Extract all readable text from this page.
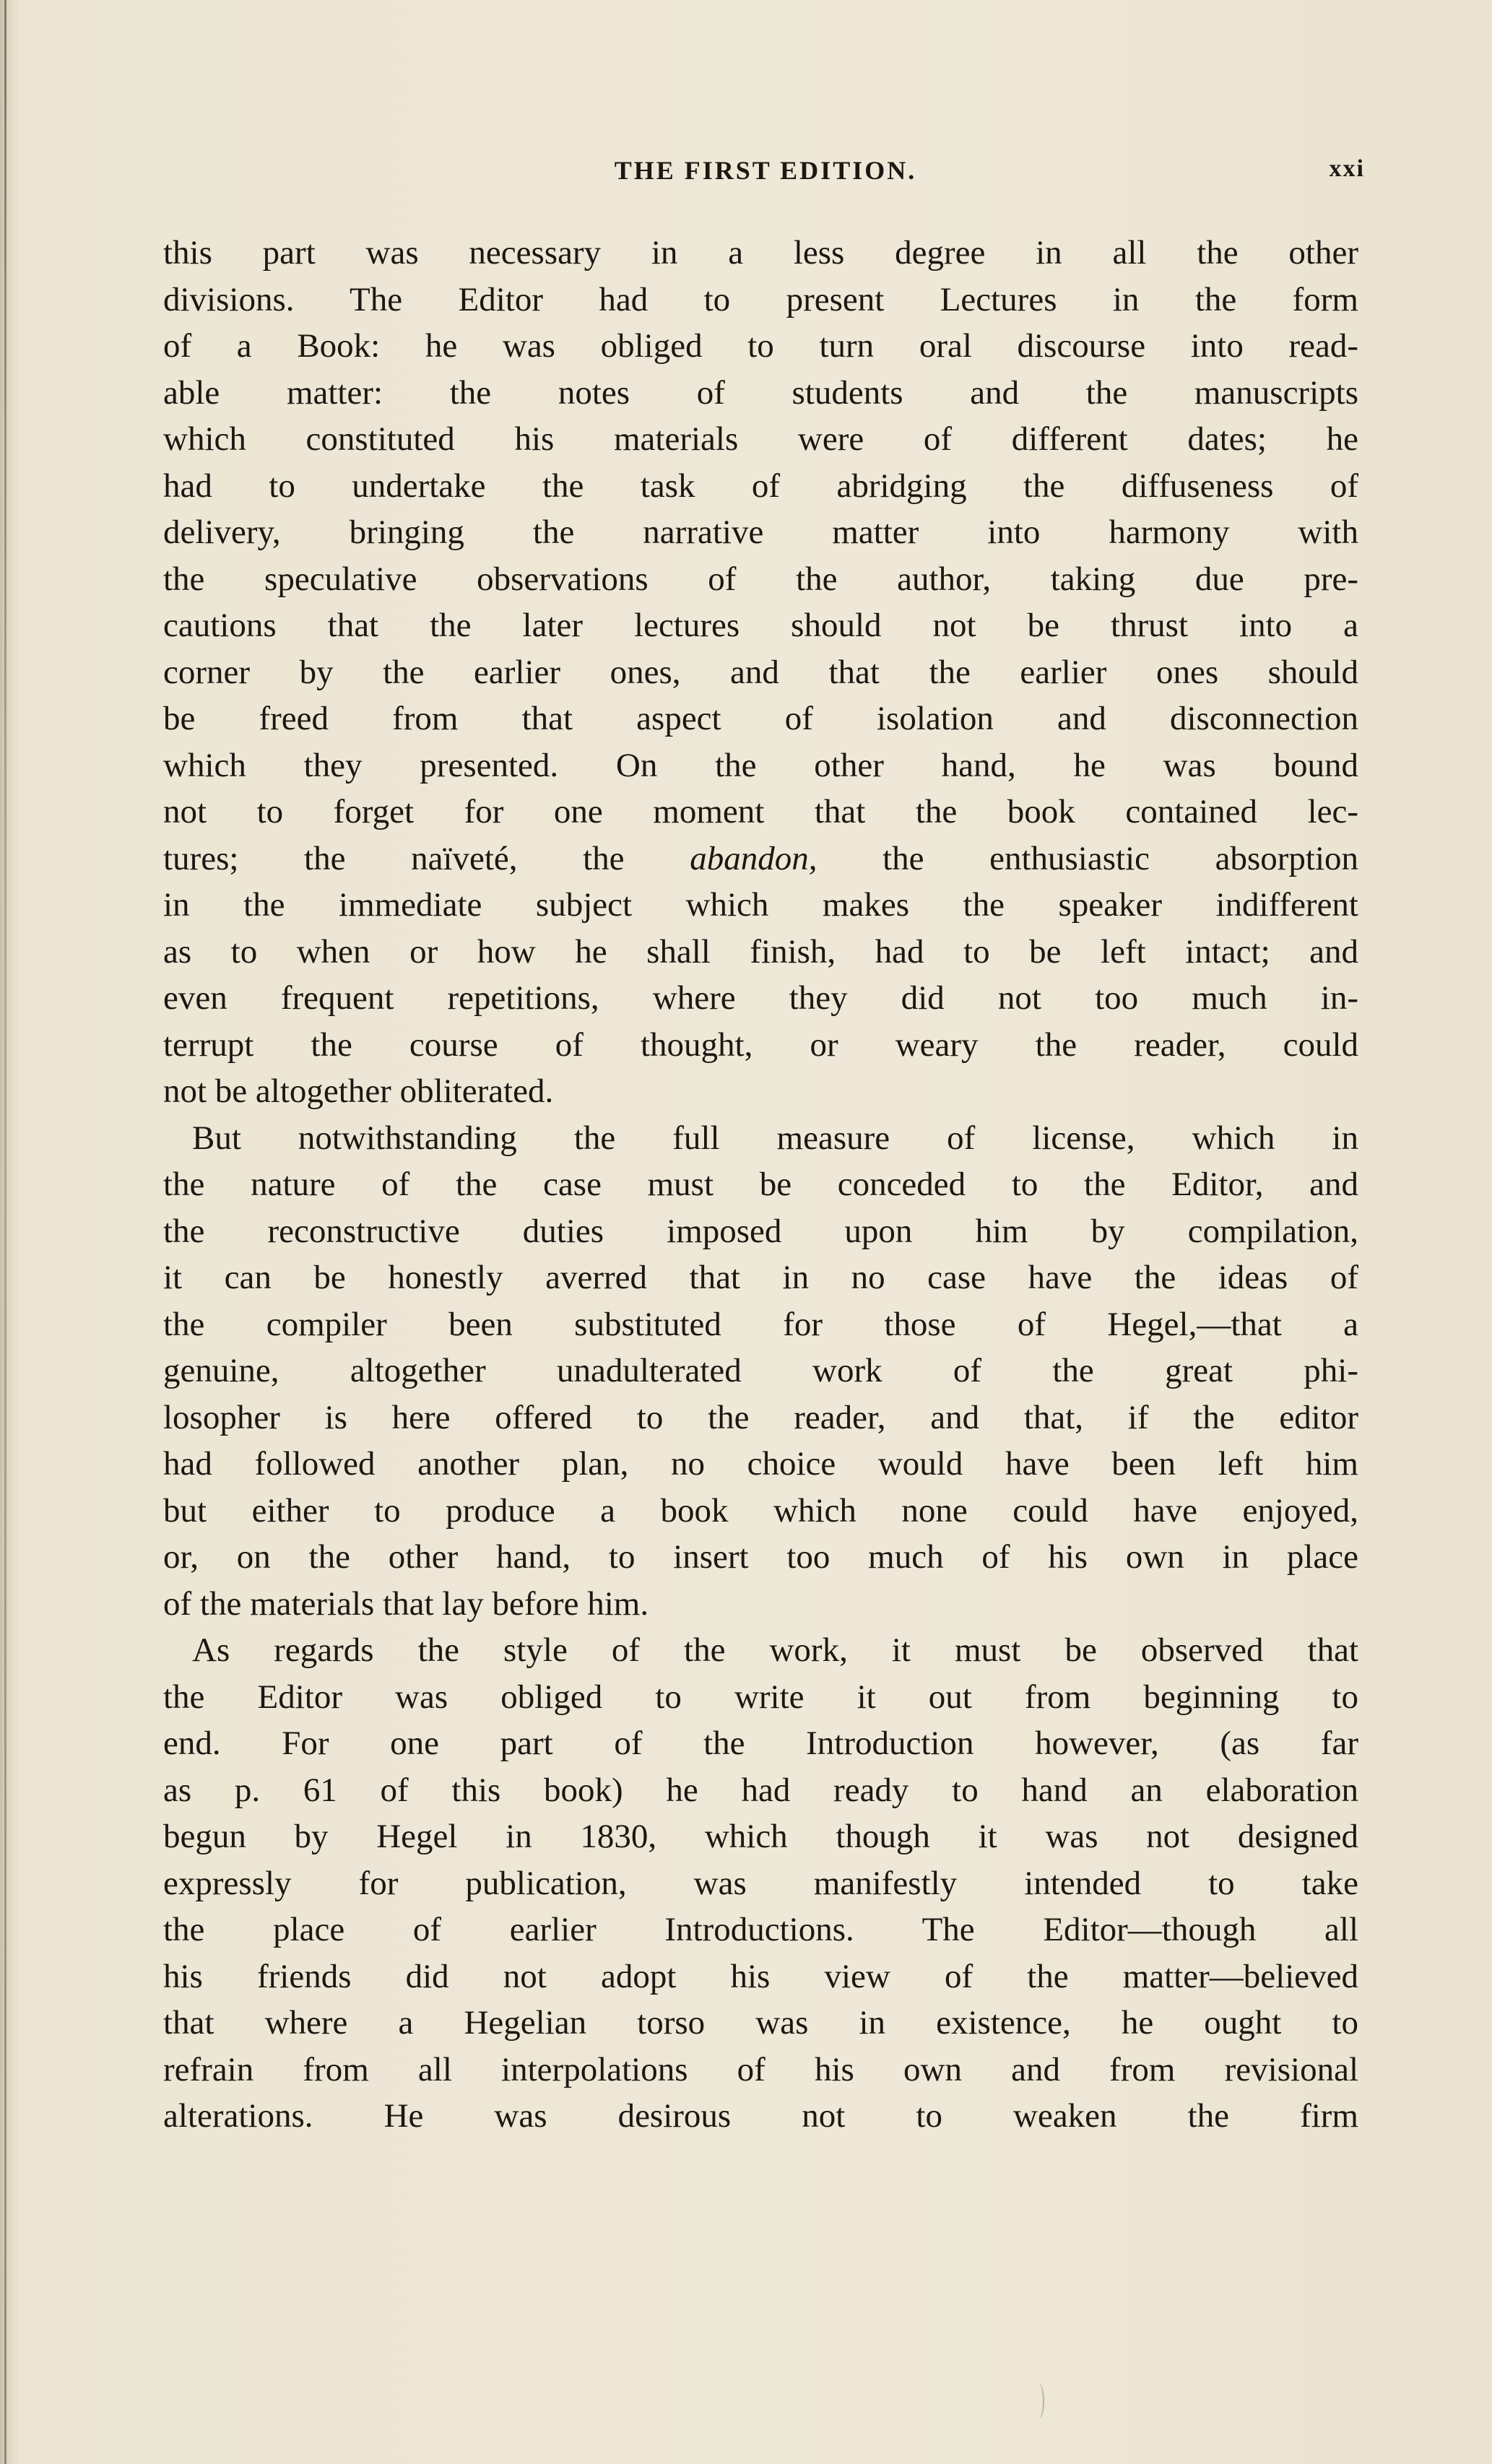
THE FIRST EDITION.	xxi
this part was necessary in a less degree in all the other
divisions. The Editor had to present Lectures in the form
of a Book: he was obliged to turn oral discourse into read-
able matter: the notes of students and the manuscripts
which constituted his materials were of different dates; he
had to undertake the task of abridging the diffuseness of
delivery, bringing the narrative matter into harmony with
the speculative observations of the author, taking due pre-
cautions that the later lectures should not be thrust into a
corner by the earlier ones, and that the earlier ones should
be freed from that aspect of isolation and disconnection
which they presented. On the other hand, he was bound
not to forget for one moment that the book contained lec-
tures; the naïveté, the abandon, the enthusiastic absorption
in the immediate subject which makes the speaker indifferent
as to when or how he shall finish, had to be left intact; and
even frequent repetitions, where they did not too much in-
terrupt the course of thought, or weary the reader, could
not be altogether obliterated.
But notwithstanding the full measure of license, which in
the nature of the case must be conceded to the Editor, and
the reconstructive duties imposed upon him by compilation,
it can be honestly averred that in no case have the ideas of
the compiler been substituted for those of Hegel,—that a
genuine, altogether unadulterated work of the great phi-
losopher is here offered to the reader, and that, if the editor
had followed another plan, no choice would have been left him
but either to produce a book which none could have enjoyed,
or, on the other hand, to insert too much of his own in place
of the materials that lay before him.
As regards the style of the work, it must be observed that
the Editor was obliged to write it out from beginning to
end. For one part of the Introduction however, (as far
as p. 61 of this book) he had ready to hand an elaboration
begun by Hegel in 1830, which though it was not designed
expressly for publication, was manifestly intended to take
the place of earlier Introductions. The Editor—though all
his friends did not adopt his view of the matter—believed
that where a Hegelian torso was in existence, he ought to
refrain from all interpolations of his own and from revisional
alterations. He was desirous not to weaken the firm
